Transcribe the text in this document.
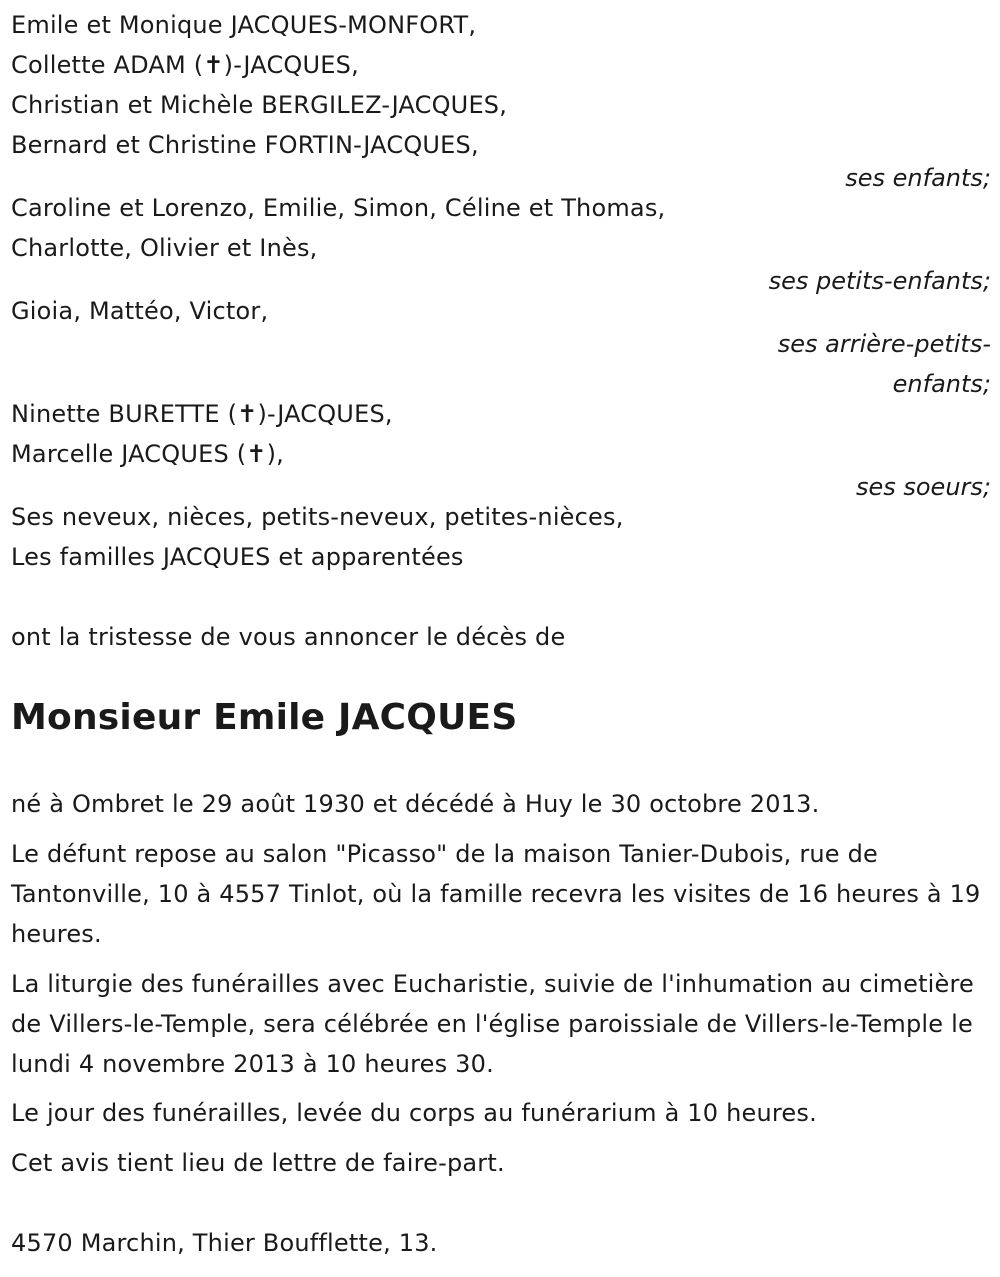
Emile et Monique JACQUES-MONFORT,
Collette ADAM (✝)-JACQUES,
Christian et Michèle BERGILEZ-JACQUES,
Bernard et Christine FORTIN-JACQUES,
ses enfants;
Caroline et Lorenzo, Emilie, Simon, Céline et Thomas,
Charlotte, Olivier et Inès,
ses petits-enfants;
Gioia, Mattéo, Victor,
ses arrière-petits-
enfants;
Ninette BURETTE (✝)-JACQUES,
Marcelle JACQUES (✝),
ses soeurs;
Ses neveux, nièces, petits-neveux, petites-nièces,
Les familles JACQUES et apparentées
ont la tristesse de vous annoncer le décès de
Monsieur Emile JACQUES
né à Ombret le 29 août 1930 et décédé à Huy le 30 octobre 2013.
Le défunt repose au salon "Picasso" de la maison Tanier-Dubois, rue de Tantonville, 10 à 4557 Tinlot, où la famille recevra les visites de 16 heures à 19 heures.
La liturgie des funérailles avec Eucharistie, suivie de l'inhumation au cimetière de Villers-le-Temple, sera célébrée en l'église paroissiale de Villers-le-Temple le lundi 4 novembre 2013 à 10 heures 30.
Le jour des funérailles, levée du corps au funérarium à 10 heures.
Cet avis tient lieu de lettre de faire-part.
4570 Marchin, Thier Boufflette, 13.
